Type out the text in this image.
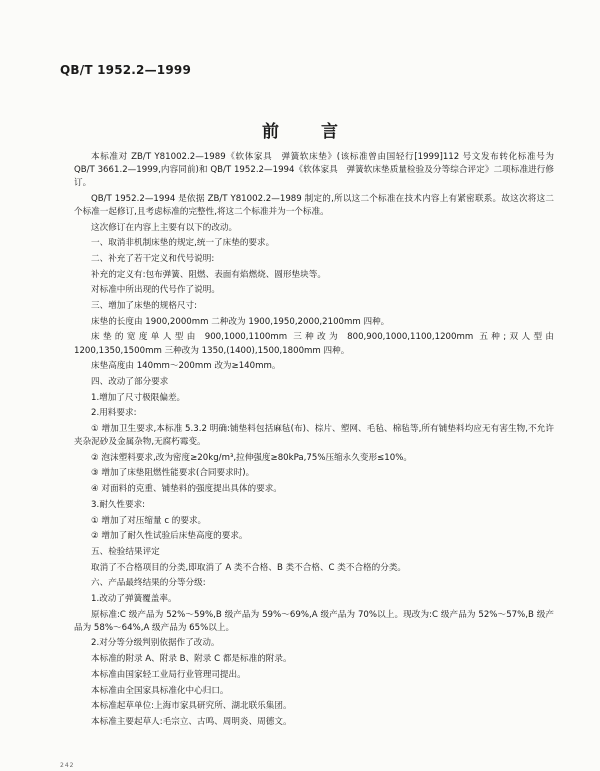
QB/T 1952.2—1999
前 言

本标准对 ZB/T Y81002.2—1989《软体家具　弹簧软床垫》(该标准曾由国轻行[1999]112 号文发布转化标准号为 QB/T 3661.2—1999,内容同前)和 QB/T 1952.2—1994《软体家具　弹簧软床垫质量检验及分等综合评定》二项标准进行修订。

QB/T 1952.2—1994 是依据 ZB/T Y81002.2—1989 制定的,所以这二个标准在技术内容上有紧密联系。故这次将这二个标准一起修订,且考虑标准的完整性,将这二个标准并为一个标准。

这次修订在内容上主要有以下的改动。

一、取消非机制床垫的规定,统一了床垫的要求。

二、补充了若干定义和代号说明:

补充的定义有:包布弹簧、阻燃、表面有焰燃烧、圆形垫块等。

对标准中所出现的代号作了说明。

三、增加了床垫的规格尺寸:

床垫的长度由 1900,2000mm 二种改为 1900,1950,2000,2100mm 四种。

床垫的宽度单人型由 900,1000,1100mm 三种改为 800,900,1000,1100,1200mm 五种;双人型由 1200,1350,1500mm 三种改为 1350,(1400),1500,1800mm 四种。

床垫高度由 140mm～200mm 改为≥140mm。

四、改动了部分要求

1.增加了尺寸极限偏差。

2.用料要求:

① 增加卫生要求,本标准 5.3.2 明确:铺垫料包括麻毡(布)、棕片、塑网、毛毡、棉毡等,所有铺垫料均应无有害生物,不允许夹杂泥砂及金属杂物,无腐朽霉变。

② 泡沫塑料要求,改为密度≥20kg/m³,拉伸强度≥80kPa,75%压缩永久变形≤10%。

③ 增加了床垫阻燃性能要求(合同要求时)。

④ 对面料的克重、铺垫料的强度提出具体的要求。

3.耐久性要求:

① 增加了对压缩量 c 的要求。

② 增加了耐久性试验后床垫高度的要求。

五、检验结果评定

取消了不合格项目的分类,即取消了 A 类不合格、B 类不合格、C 类不合格的分类。

六、产品最终结果的分等分级:

1.改动了弹簧覆盖率。

原标准:C 级产品为 52%～59%,B 级产品为 59%～69%,A 级产品为 70%以上。现改为:C 级产品为 52%～57%,B 级产品为 58%～64%,A 级产品为 65%以上。

2.对分等分级判别依据作了改动。

本标准的附录 A、附录 B、附录 C 都是标准的附录。

本标准由国家轻工业局行业管理司提出。

本标准由全国家具标准化中心归口。

本标准起草单位:上海市家具研究所、湖北联乐集团。

本标准主要起草人:毛宗立、古鸣、周明炎、周德文。

242
